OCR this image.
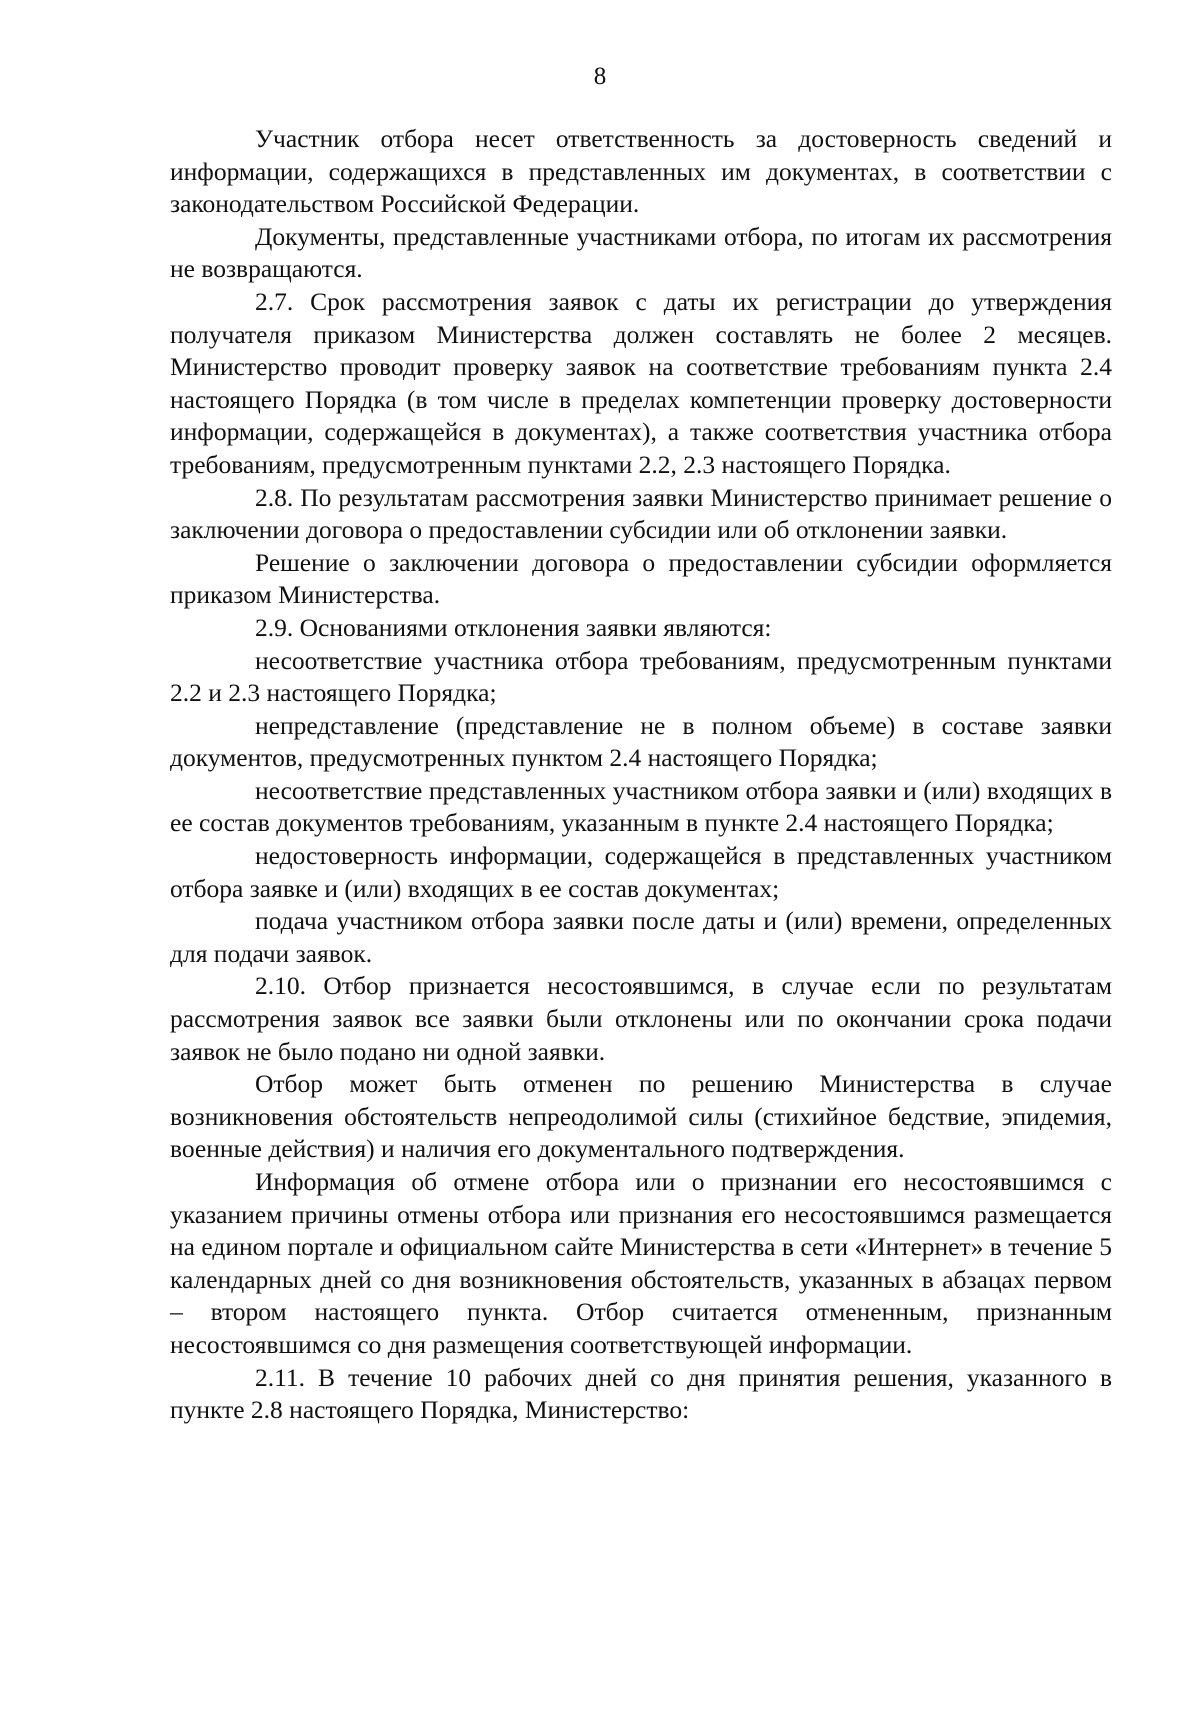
8

Участник отбора несет ответственность за достоверность сведений и информации, содержащихся в представленных им документах, в соответствии с законодательством Российской Федерации.

Документы, представленные участниками отбора, по итогам их рассмотрения не возвращаются.

2.7. Срок рассмотрения заявок с даты их регистрации до утверждения получателя приказом Министерства должен составлять не более 2 месяцев. Министерство проводит проверку заявок на соответствие требованиям пункта 2.4 настоящего Порядка (в том числе в пределах компетенции проверку достоверности информации, содержащейся в документах), а также соответствия участника отбора требованиям, предусмотренным пунктами 2.2, 2.3 настоящего Порядка.

2.8. По результатам рассмотрения заявки Министерство принимает решение о заключении договора о предоставлении субсидии или об отклонении заявки.

Решение о заключении договора о предоставлении субсидии оформляется приказом Министерства.

2.9. Основаниями отклонения заявки являются:

несоответствие участника отбора требованиям, предусмотренным пунктами 2.2 и 2.3 настоящего Порядка;

непредставление (представление не в полном объеме) в составе заявки документов, предусмотренных пунктом 2.4 настоящего Порядка;

несоответствие представленных участником отбора заявки и (или) входящих в ее состав документов требованиям, указанным в пункте 2.4 настоящего Порядка;

недостоверность информации, содержащейся в представленных участником отбора заявке и (или) входящих в ее состав документах;

подача участником отбора заявки после даты и (или) времени, определенных для подачи заявок.

2.10. Отбор признается несостоявшимся, в случае если по результатам рассмотрения заявок все заявки были отклонены или по окончании срока подачи заявок не было подано ни одной заявки.

Отбор может быть отменен по решению Министерства в случае возникновения обстоятельств непреодолимой силы (стихийное бедствие, эпидемия, военные действия) и наличия его документального подтверждения.

Информация об отмене отбора или о признании его несостоявшимся с указанием причины отмены отбора или признания его несостоявшимся размещается на едином портале и официальном сайте Министерства в сети «Интернет» в течение 5 календарных дней со дня возникновения обстоятельств, указанных в абзацах первом – втором настоящего пункта. Отбор считается отмененным, признанным несостоявшимся со дня размещения соответствующей информации.

2.11. В течение 10 рабочих дней со дня принятия решения, указанного в пункте 2.8 настоящего Порядка, Министерство:
